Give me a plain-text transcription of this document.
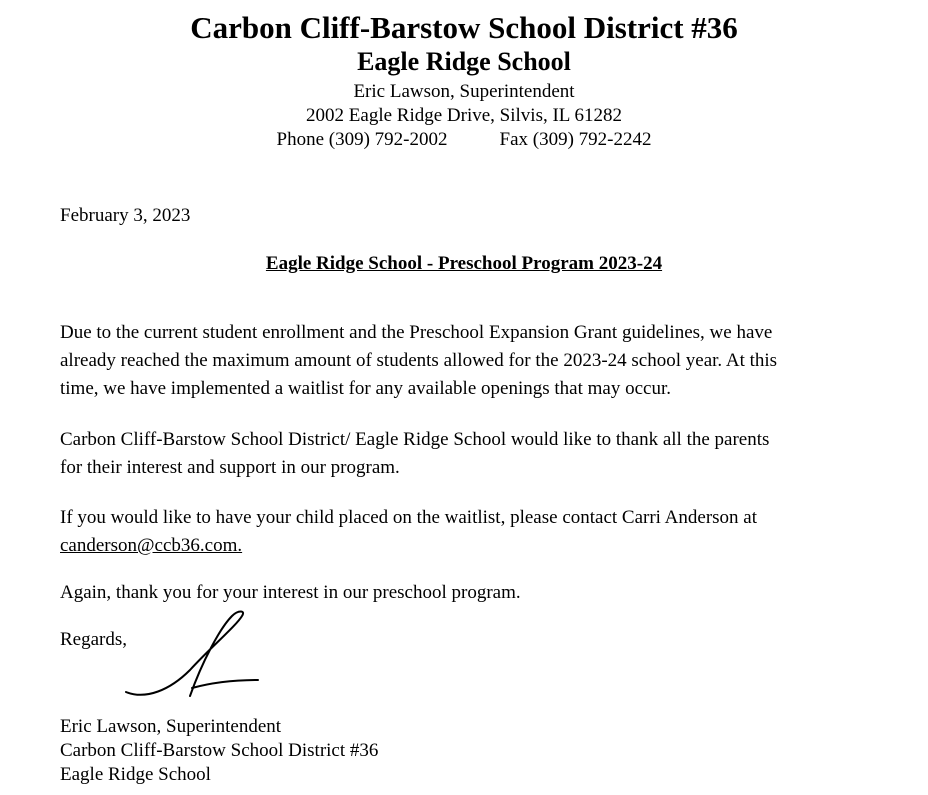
Carbon Cliff-Barstow School District #36
Eagle Ridge School
Eric Lawson, Superintendent
2002 Eagle Ridge Drive, Silvis, IL 61282
Phone (309) 792-2002	Fax (309) 792-2242
February 3, 2023
Eagle Ridge School - Preschool Program 2023-24
Due to the current student enrollment and the Preschool Expansion Grant guidelines, we have
already reached the maximum amount of students allowed for the 2023-24 school year. At this
time, we have implemented a waitlist for any available openings that may occur.
Carbon Cliff-Barstow School District/ Eagle Ridge School would like to thank all the parents
for their interest and support in our program.
If you would like to have your child placed on the waitlist, please contact Carri Anderson at
canderson@ccb36.com.
Again, thank you for your interest in our preschool program.
Regards,
Eric Lawson, Superintendent
Carbon Cliff-Barstow School District #36
Eagle Ridge School
